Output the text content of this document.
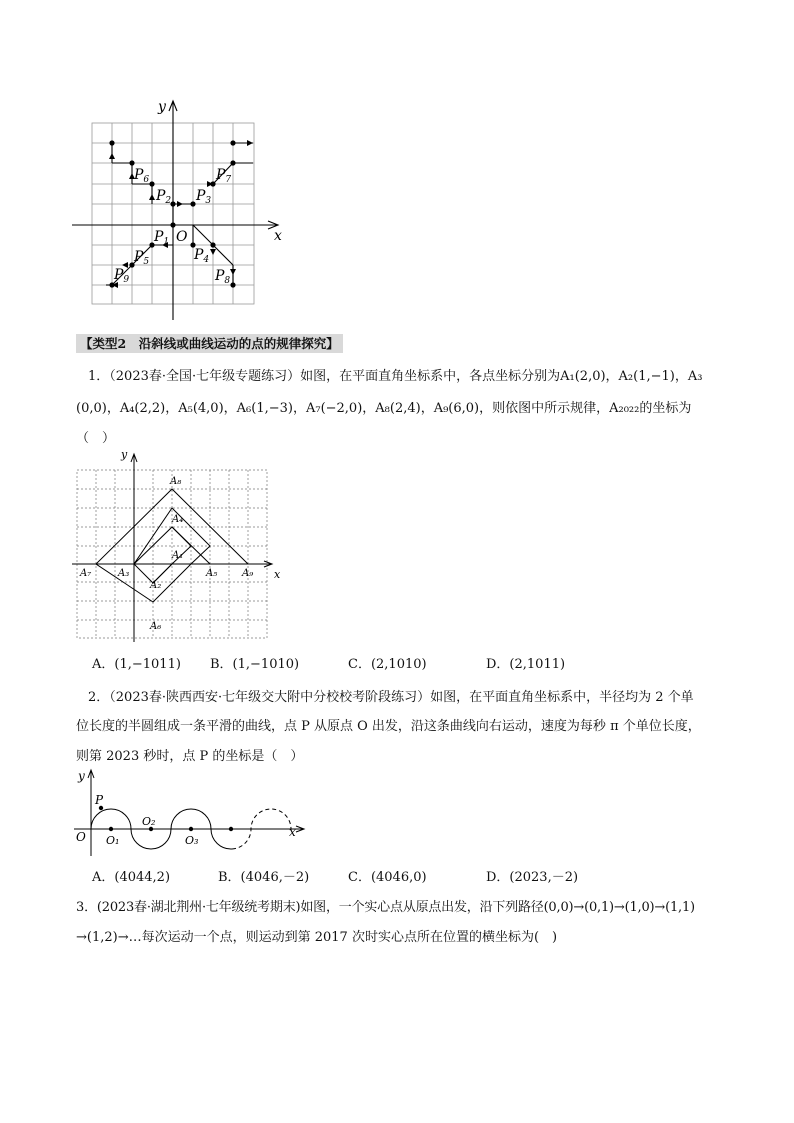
x
y
O
$P_1$
$P_2$ $P_3$
$P_4$
$P_5$
$P_6$	$P_7$
$P_8$
$P_9$
【类型2　沿斜线或曲线运动的点的规律探究】
1．（2023春·全国·七年级专题练习）如图，在平面直角坐标系中，各点坐标分别为A₁(2,0)，A₂(1,−1)，A₃
(0,0)，A₄(2,2)，A₅(4,0)，A₆(1,−3)，A₇(−2,0)，A₈(2,4)，A₉(6,0)，则依图中所示规律，A₂₀₂₂的坐标为
（　）
x
y
A₁
A₂
A₃
A₄
A₅
A₆
A₇
A₈
A₉
A．(1,−1011) B．(1,−1010)	C．(2,1010)	D．(2,1011)
2．（2023春·陕西西安·七年级交大附中分校校考阶段练习）如图，在平面直角坐标系中，半径均为 2 个单
位长度的半圆组成一条平滑的曲线，点 P 从原点 O 出发，沿这条曲线向右运动，速度为每秒 π 个单位长度，
则第 2023 秒时，点 P 的坐标是（　）
P
O O₁
O₂
O₃
x
y
A．(4044,2)	B．(4046,－2)	C．(4046,0)	D．(2023,－2)
3．(2023春·湖北荆州·七年级统考期末)如图，一个实心点从原点出发，沿下列路径(0,0)→(0,1)→(1,0)→(1,1)
→(1,2)→…每次运动一个点，则运动到第 2017 次时实心点所在位置的横坐标为(　)
